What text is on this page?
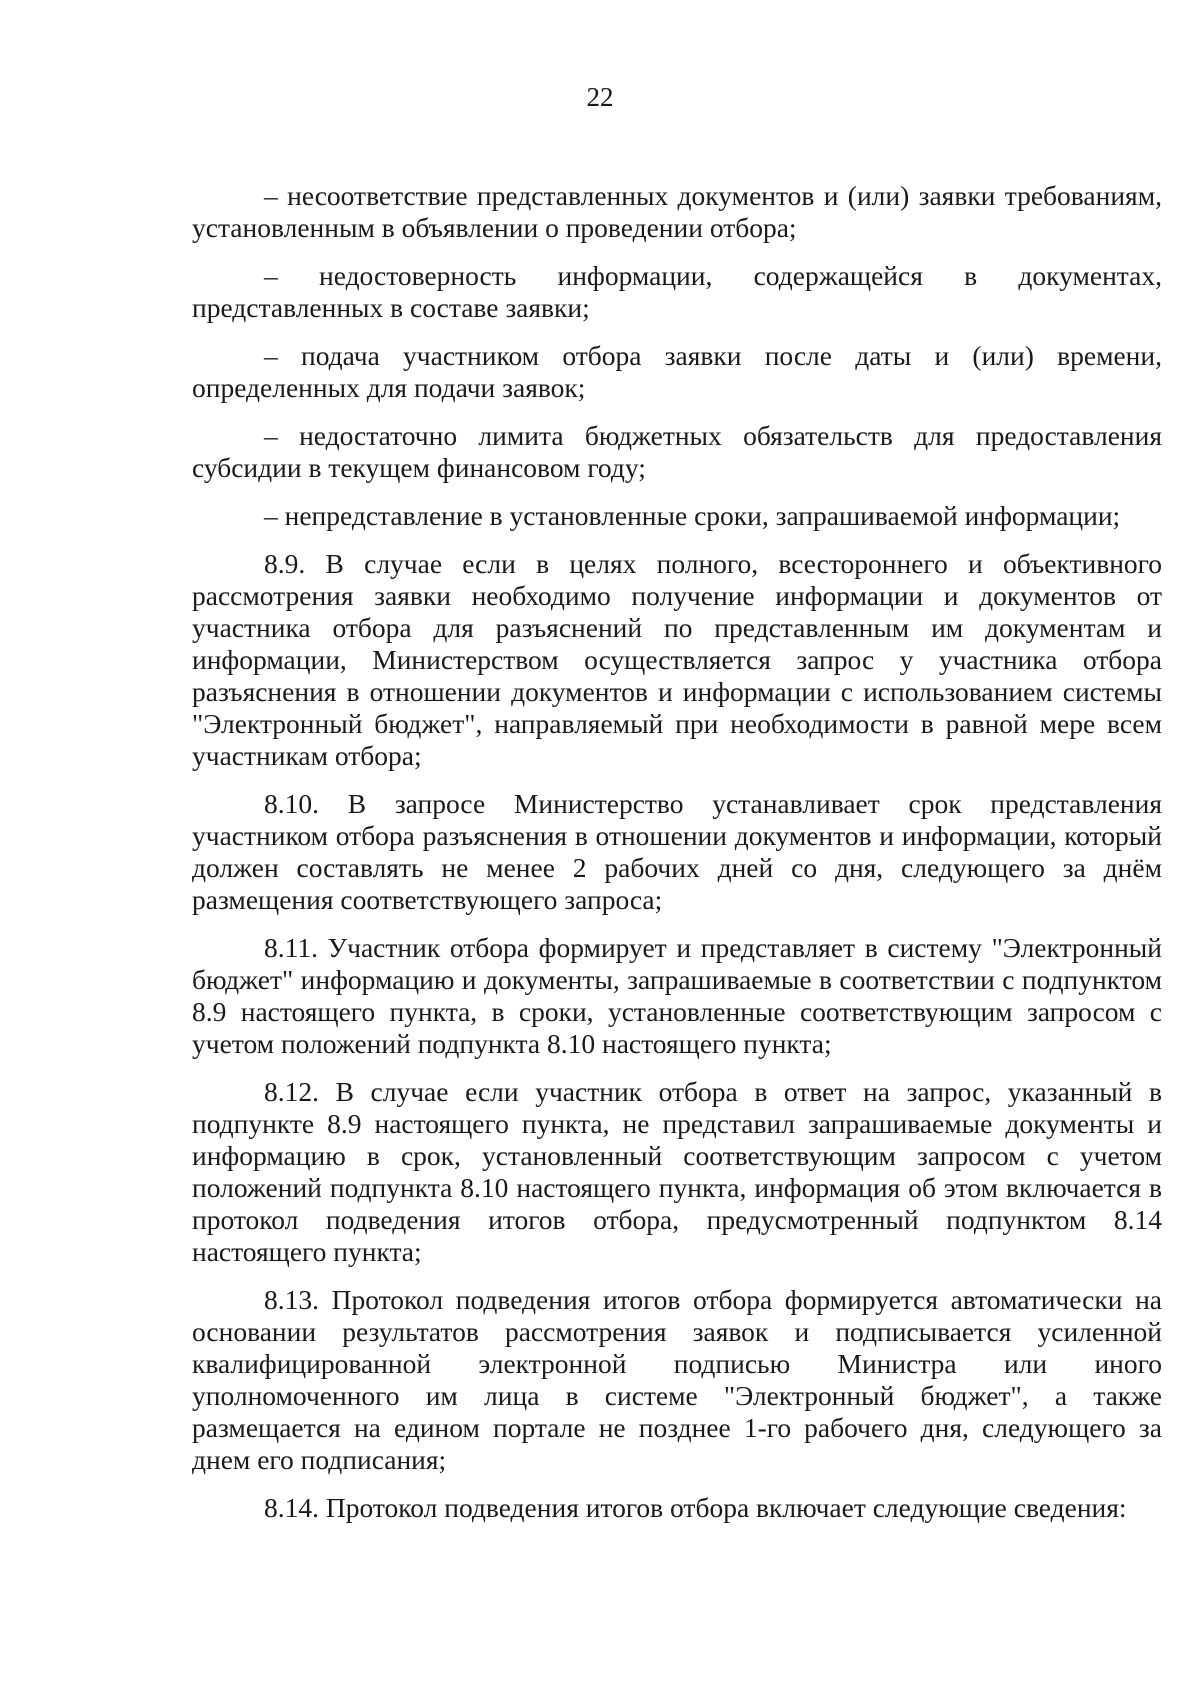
22

– несоответствие представленных документов и (или) заявки требованиям, установленным в объявлении о проведении отбора;

– недостоверность информации, содержащейся в документах, представленных в составе заявки;

– подача участником отбора заявки после даты и (или) времени, определенных для подачи заявок;

– недостаточно лимита бюджетных обязательств для предоставления субсидии в текущем финансовом году;

– непредставление в установленные сроки, запрашиваемой информации;

8.9. В случае если в целях полного, всестороннего и объективного рассмотрения заявки необходимо получение информации и документов от участника отбора для разъяснений по представленным им документам и информации, Министерством осуществляется запрос у участника отбора разъяснения в отношении документов и информации с использованием системы "Электронный бюджет", направляемый при необходимости в равной мере всем участникам отбора;

8.10. В запросе Министерство устанавливает срок представления участником отбора разъяснения в отношении документов и информации, который должен составлять не менее 2 рабочих дней со дня, следующего за днём размещения соответствующего запроса;

8.11. Участник отбора формирует и представляет в систему "Электронный бюджет" информацию и документы, запрашиваемые в соответствии с подпунктом 8.9 настоящего пункта, в сроки, установленные соответствующим запросом с учетом положений подпункта 8.10 настоящего пункта;

8.12. В случае если участник отбора в ответ на запрос, указанный в подпункте 8.9 настоящего пункта, не представил запрашиваемые документы и информацию в срок, установленный соответствующим запросом с учетом положений подпункта 8.10 настоящего пункта, информация об этом включается в протокол подведения итогов отбора, предусмотренный подпунктом 8.14 настоящего пункта;

8.13. Протокол подведения итогов отбора формируется автоматически на основании результатов рассмотрения заявок и подписывается усиленной квалифицированной электронной подписью Министра или иного уполномоченного им лица в системе "Электронный бюджет", а также размещается на едином портале не позднее 1-го рабочего дня, следующего за днем его подписания;

8.14. Протокол подведения итогов отбора включает следующие сведения:
